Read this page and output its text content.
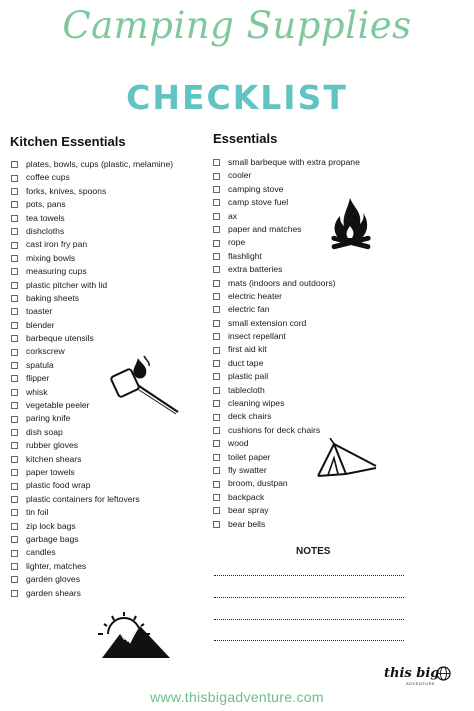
Camping Supplies
CHECKLIST
Kitchen Essentials
plates, bowls, cups (plastic, melamine)
coffee cups
forks, knives, spoons
pots, pans
tea towels
dishcloths
cast iron fry pan
mixing bowls
measuring cups
plastic pitcher with lid
baking sheets
toaster
blender
barbeque utensils
corkscrew
spatula
flipper
whisk
vegetable peeler
paring knife
dish soap
rubber gloves
kitchen shears
paper towels
plastic food wrap
plastic containers for leftovers
tin foil
zip lock bags
garbage bags
candles
lighter, matches
garden gloves
garden shears
Essentials
small barbeque with extra propane
cooler
camping stove
camp stove fuel
ax
paper and matches
rope
flashlight
extra batteries
mats (indoors and outdoors)
electric heater
electric fan
small extension cord
insect repellant
first aid kit
duct tape
plastic pail
tablecloth
cleaning wipes
deck chairs
cushions for deck chairs
wood
toilet paper
fly swatter
broom, dustpan
backpack
bear spray
bear bells
NOTES
this big
ADVENTURE
www.thisbigadventure.com
